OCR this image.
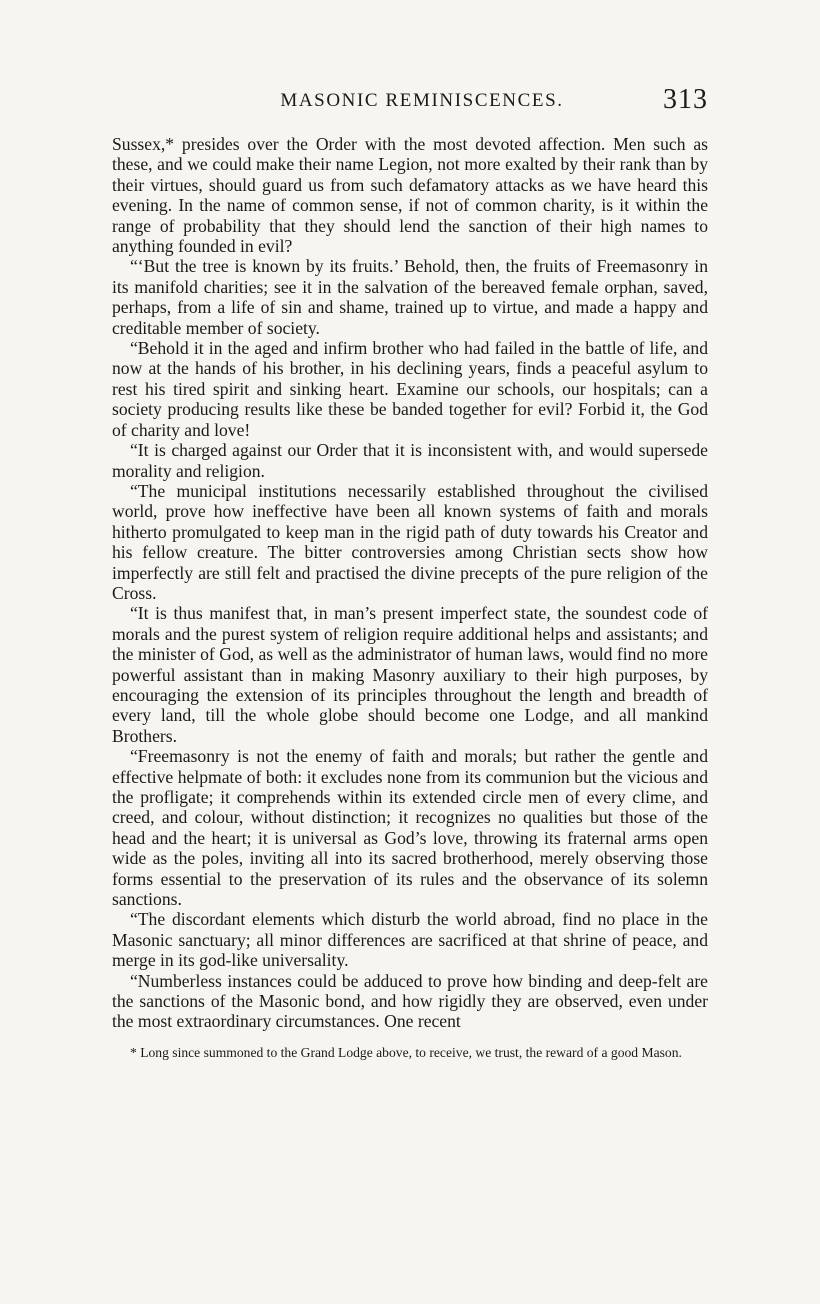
MASONIC REMINISCENCES.	313

Sussex,* presides over the Order with the most devoted affection. Men such as these, and we could make their name Legion, not more exalted by their rank than by their virtues, should guard us from such defamatory attacks as we have heard this evening. In the name of common sense, if not of common charity, is it within the range of probability that they should lend the sanction of their high names to anything founded in evil?

“‘But the tree is known by its fruits.’ Behold, then, the fruits of Freemasonry in its manifold charities; see it in the salvation of the bereaved female orphan, saved, perhaps, from a life of sin and shame, trained up to virtue, and made a happy and creditable member of society.

“Behold it in the aged and infirm brother who had failed in the battle of life, and now at the hands of his brother, in his declining years, finds a peaceful asylum to rest his tired spirit and sinking heart. Examine our schools, our hospitals; can a society producing results like these be banded together for evil? Forbid it, the God of charity and love!

“It is charged against our Order that it is inconsistent with, and would supersede morality and religion.

“The municipal institutions necessarily established throughout the civilised world, prove how ineffective have been all known systems of faith and morals hitherto promulgated to keep man in the rigid path of duty towards his Creator and his fellow creature. The bitter controversies among Christian sects show how imperfectly are still felt and practised the divine precepts of the pure religion of the Cross.

“It is thus manifest that, in man’s present imperfect state, the soundest code of morals and the purest system of religion require additional helps and assistants; and the minister of God, as well as the administrator of human laws, would find no more powerful assistant than in making Masonry auxiliary to their high purposes, by encouraging the extension of its principles throughout the length and breadth of every land, till the whole globe should become one Lodge, and all mankind Brothers.

“Freemasonry is not the enemy of faith and morals; but rather the gentle and effective helpmate of both: it excludes none from its communion but the vicious and the profligate; it comprehends within its extended circle men of every clime, and creed, and colour, without distinction; it recognizes no qualities but those of the head and the heart; it is universal as God’s love, throwing its fraternal arms open wide as the poles, inviting all into its sacred brotherhood, merely observing those forms essential to the preservation of its rules and the observance of its solemn sanctions.

“The discordant elements which disturb the world abroad, find no place in the Masonic sanctuary; all minor differences are sacrificed at that shrine of peace, and merge in its god-like universality.

“Numberless instances could be adduced to prove how binding and deep-felt are the sanctions of the Masonic bond, and how rigidly they are observed, even under the most extraordinary circumstances. One recent

* Long since summoned to the Grand Lodge above, to receive, we trust, the reward of a good Mason.
